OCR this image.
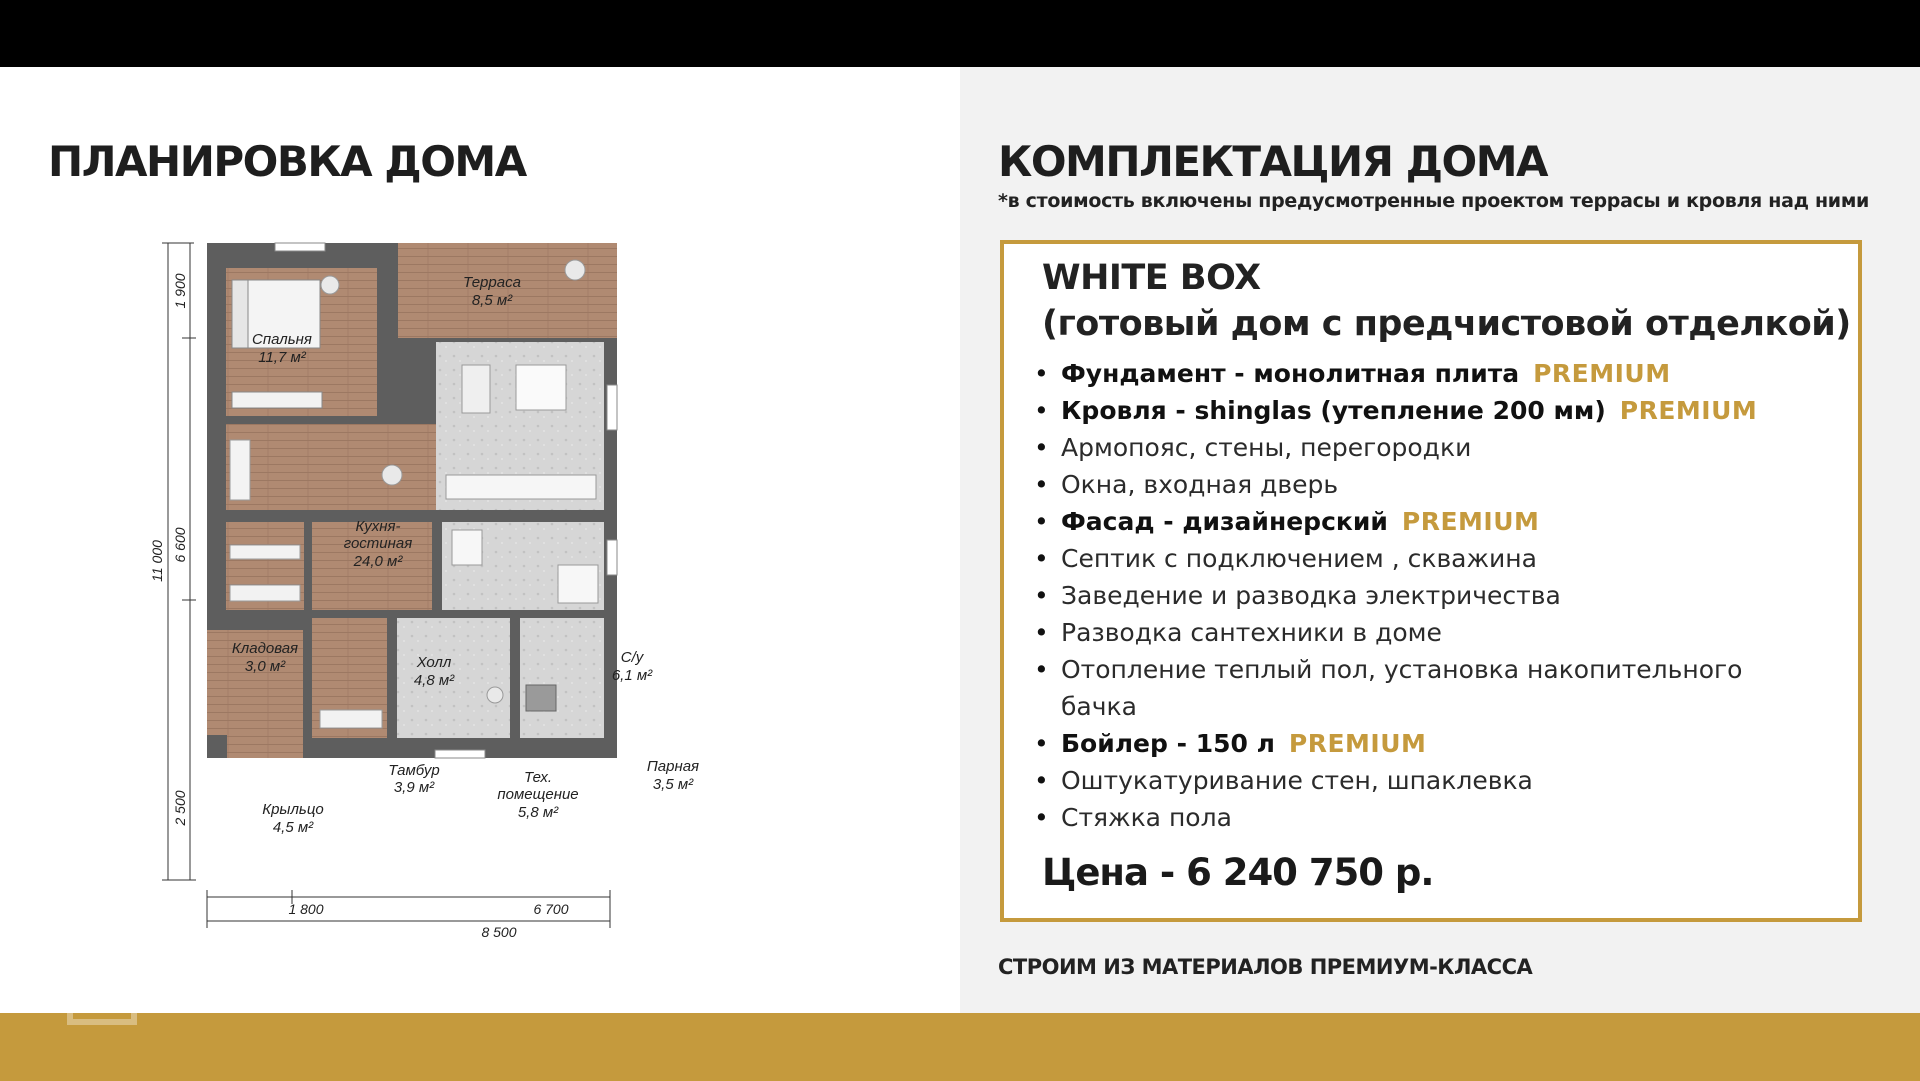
ПЛАНИРОВКА ДОМА	КОМПЛЕКТАЦИЯ ДОМА
*в стоимость включены предусмотренные проектом террасы и кровля над ними
Терраса
8,5 м²
Спальня
11,7 м²
Кухня-
гостиная
24,0 м²
Кладовая
3,0 м²	Холл
4,8 м²
С/у
6,1 м²
Тамбур
3,9 м²
Тех.
помещение
5,8 м²
Парная
3,5 м²
Крыльцо
4,5 м²
11 000
1 900
6 600
2 500
1 800	6 700
8 500
WHITE BOX
(готовый дом с предчистовой отделкой)
• Фундамент - монолитная плита PREMIUM
• Кровля - shinglas (утепление 200 мм) PREMIUM
• Армопояс, стены, перегородки
• Окна, входная дверь
• Фасад - дизайнерский PREMIUM
• Септик с подключением , скважина
• Заведение и разводка электричества
• Разводка сантехники в доме
• Отопление теплый пол, установка накопительного бачка
• Бойлер - 150 л PREMIUM
• Оштукатуривание стен, шпаклевка
• Стяжка пола
Цена - 6 240 750 р.
СТРОИМ ИЗ МАТЕРИАЛОВ ПРЕМИУМ-КЛАССА
Домклик
